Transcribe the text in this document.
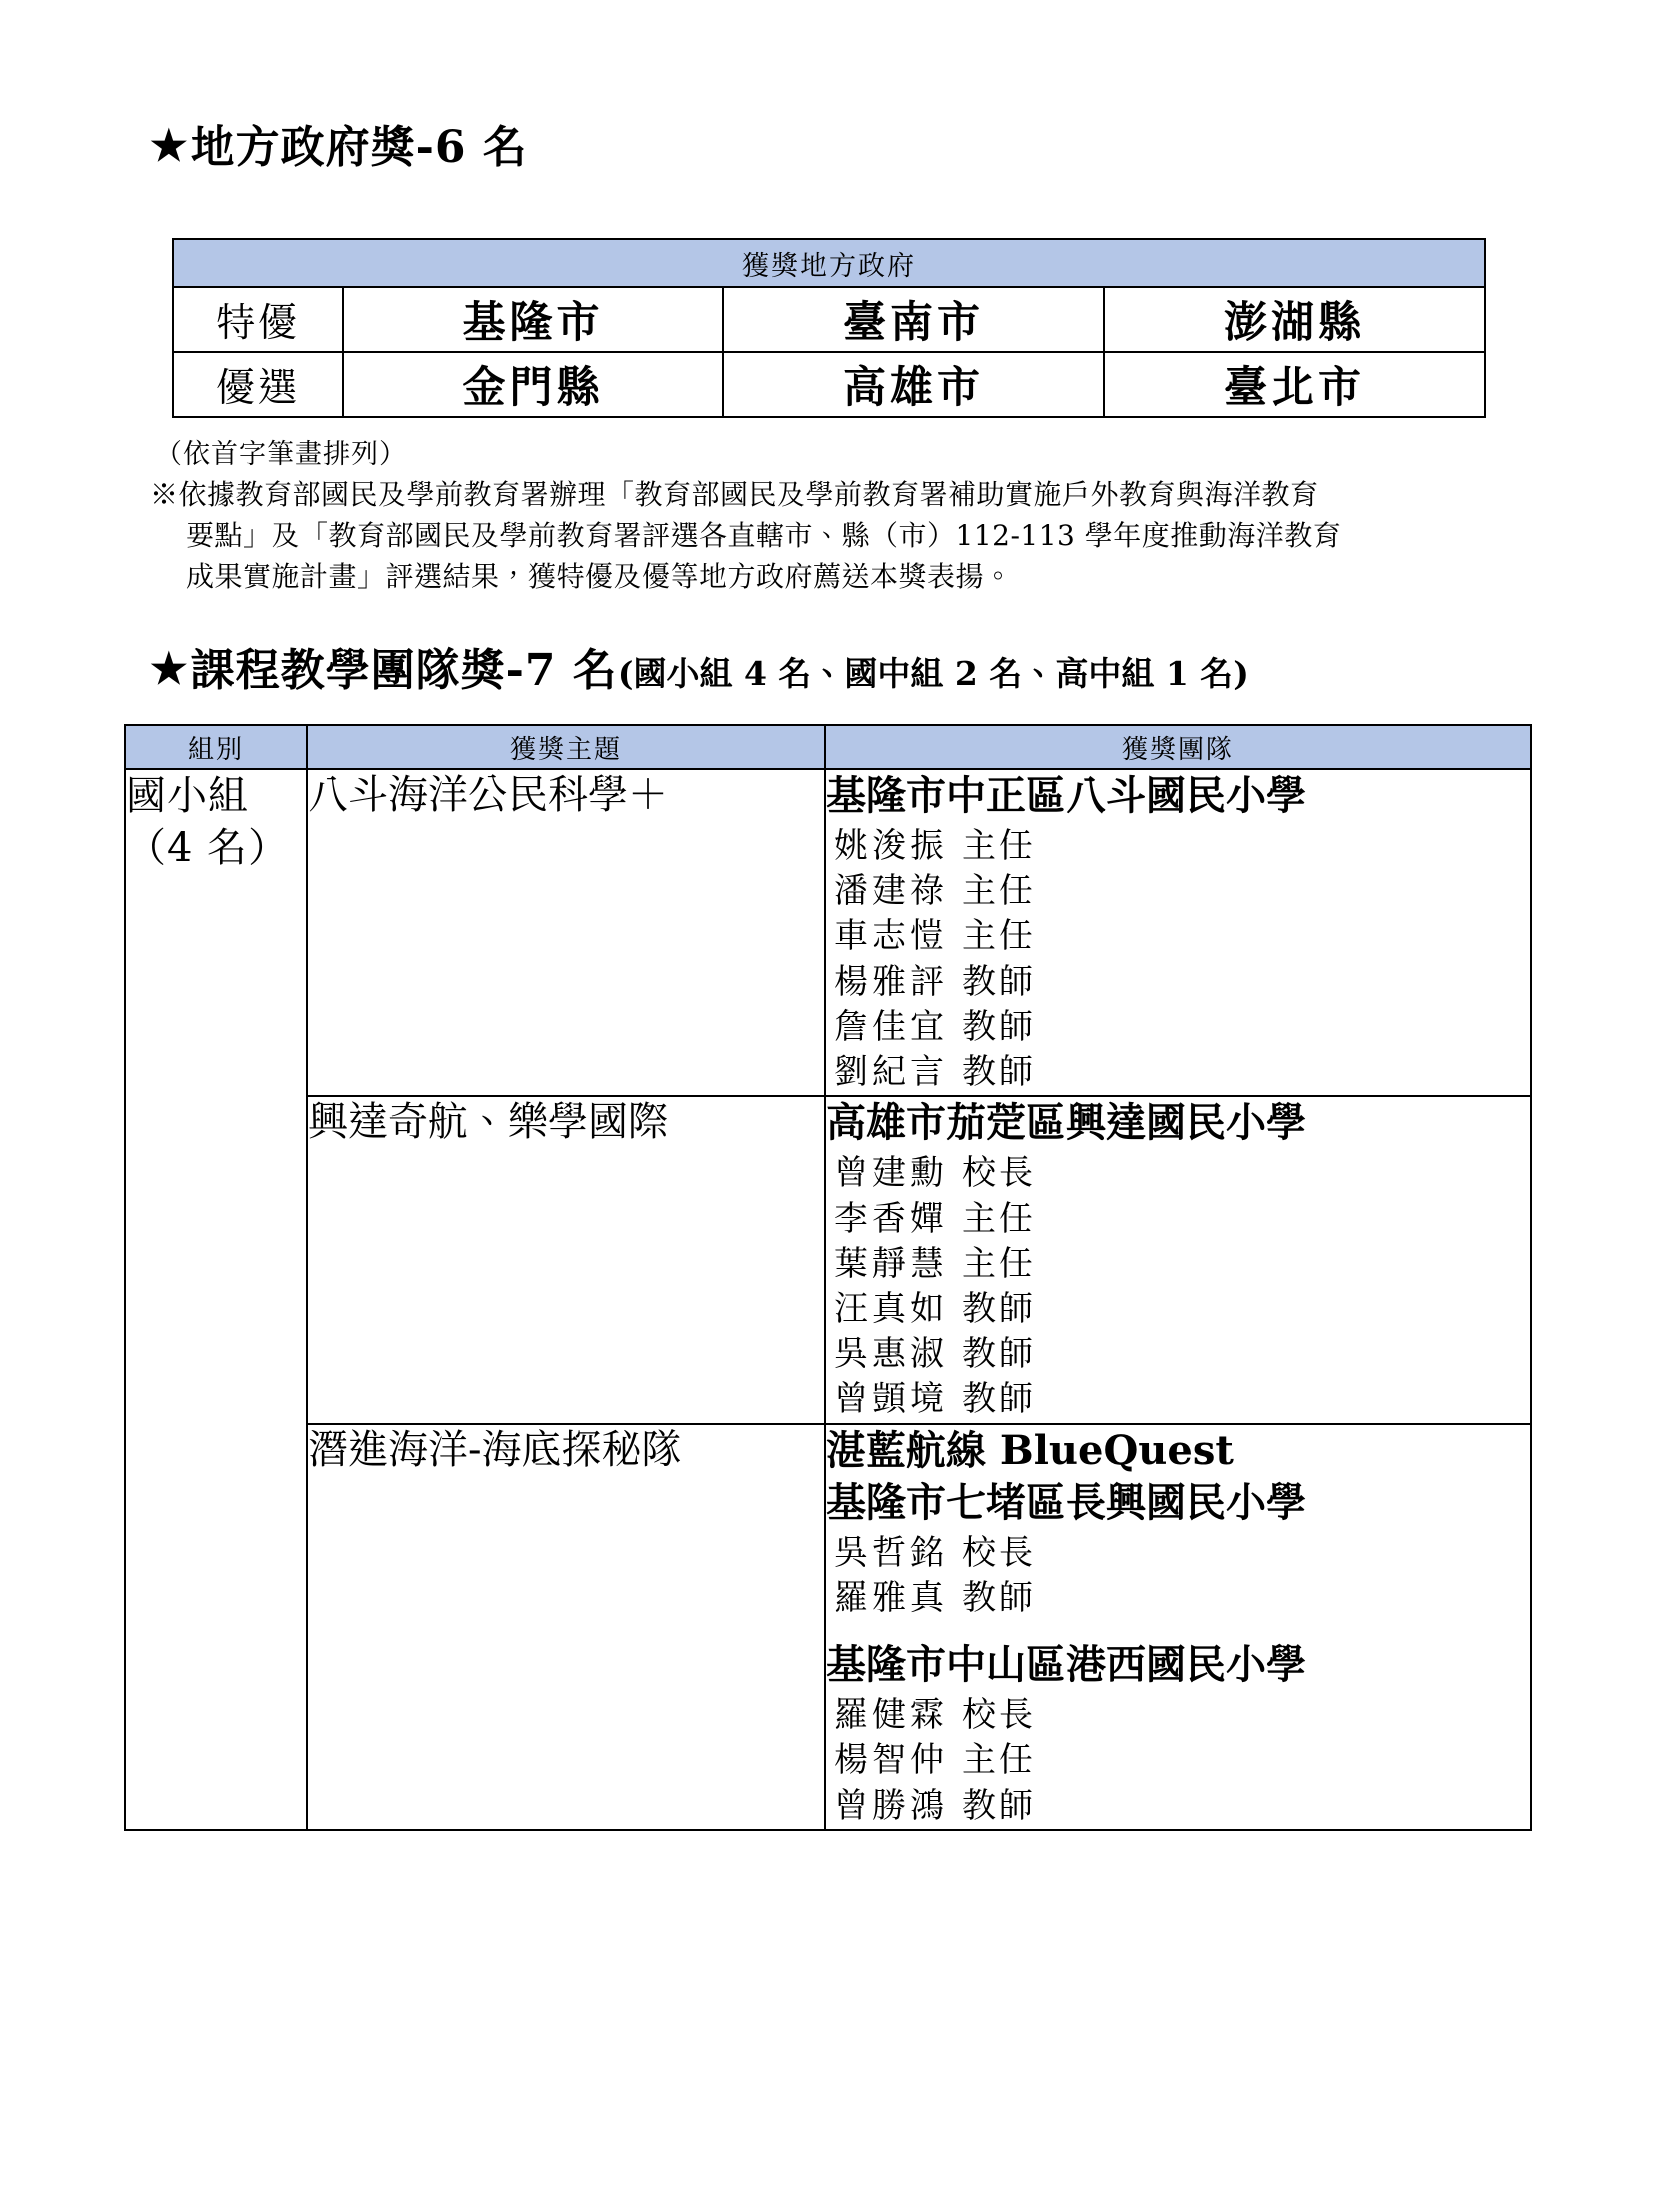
★地方政府獎-6 名
獲獎地方政府			
特優	基隆市	臺南市	澎湖縣
優選	金門縣	高雄市	臺北市
（依首字筆畫排列）
※依據教育部國民及學前教育署辦理「教育部國民及學前教育署補助實施戶外教育與海洋教育
要點」及「教育部國民及學前教育署評選各直轄市、縣（市）112-113 學年度推動海洋教育
成果實施計畫」評選結果，獲特優及優等地方政府薦送本獎表揚。
★課程教學團隊獎-7 名(國小組 4 名、國中組 2 名、高中組 1 名)
組別	獲獎主題	獲獎團隊

國小組
（4 名）
	八斗海洋公民科學＋	基隆市中正區八斗國民小學
姚浚振 主任
潘建祿 主任
車志愷 主任
楊雅評 教師
詹佳宜 教師
劉紀言 教師

興達奇航、樂學國際	高雄市茄萣區興達國民小學
曾建勳 校長
李香嬋 主任
葉靜慧 主任
汪真如 教師
吳惠淑 教師
曾顗境 教師

潛進海洋-海底探秘隊	湛藍航線 BlueQuest
基隆市七堵區長興國民小學
吳哲銘 校長
羅雅真 教師
基隆市中山區港西國民小學
羅健霖 校長
楊智仲 主任
曾勝鴻 教師
